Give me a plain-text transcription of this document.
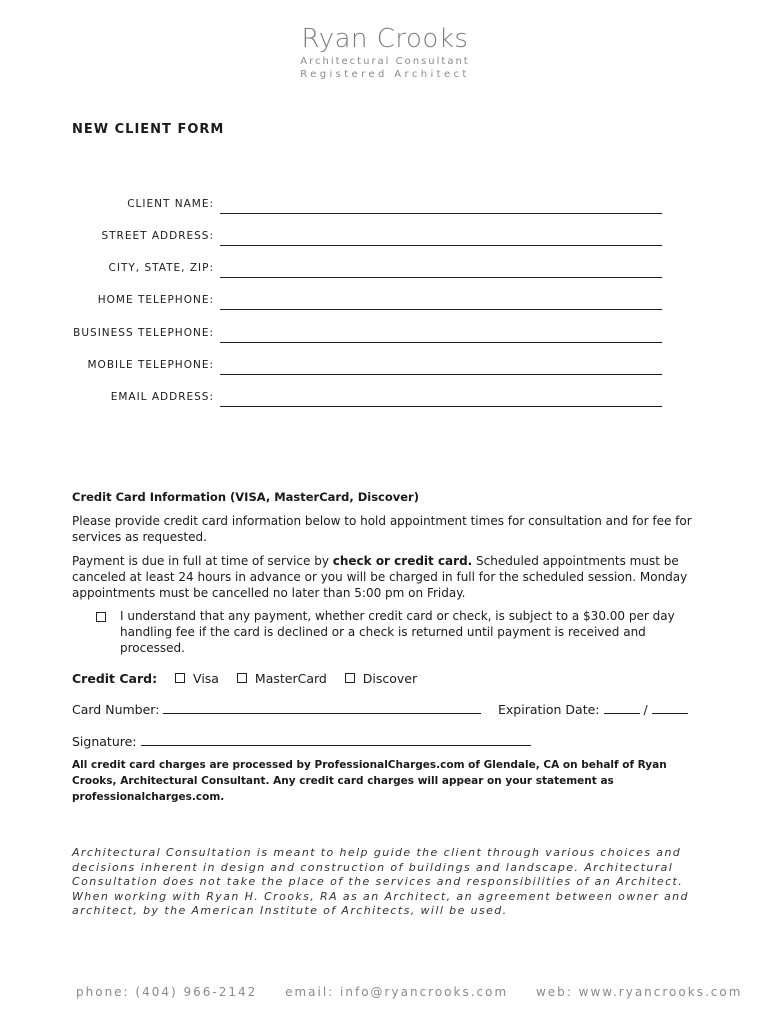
Ryan Crooks
Architectural Consultant
Registered Architect
NEW CLIENT FORM
CLIENT NAME:
STREET ADDRESS:
CITY, STATE, ZIP:
HOME TELEPHONE:
BUSINESS TELEPHONE:
MOBILE TELEPHONE:
EMAIL ADDRESS:
Credit Card Information (VISA, MasterCard, Discover)
Please provide credit card information below to hold appointment times for consultation and for fee for services as requested.
Payment is due in full at time of service by check or credit card. Scheduled appointments must be canceled at least 24 hours in advance or you will be charged in full for the scheduled session. Monday appointments must be cancelled no later than 5:00 pm on Friday.
I understand that any payment, whether credit card or check, is subject to a $30.00 per day handling fee if the card is declined or a check is returned until payment is received and processed.
Credit Card:	Visa	MasterCard	Discover
Card Number:	Expiration Date:	/
Signature:
All credit card charges are processed by ProfessionalCharges.com of Glendale, CA on behalf of Ryan Crooks, Architectural Consultant. Any credit card charges will appear on your statement as professionalcharges.com.
Architectural Consultation is meant to help guide the client through various choices and decisions inherent in design and construction of buildings and landscape. Architectural Consultation does not take the place of the services and responsibilities of an Architect. When working with Ryan H. Crooks, RA as an Architect, an agreement between owner and architect, by the American Institute of Architects, will be used.
phone: (404) 966-2142 email: info@ryancrooks.com web: www.ryancrooks.com
